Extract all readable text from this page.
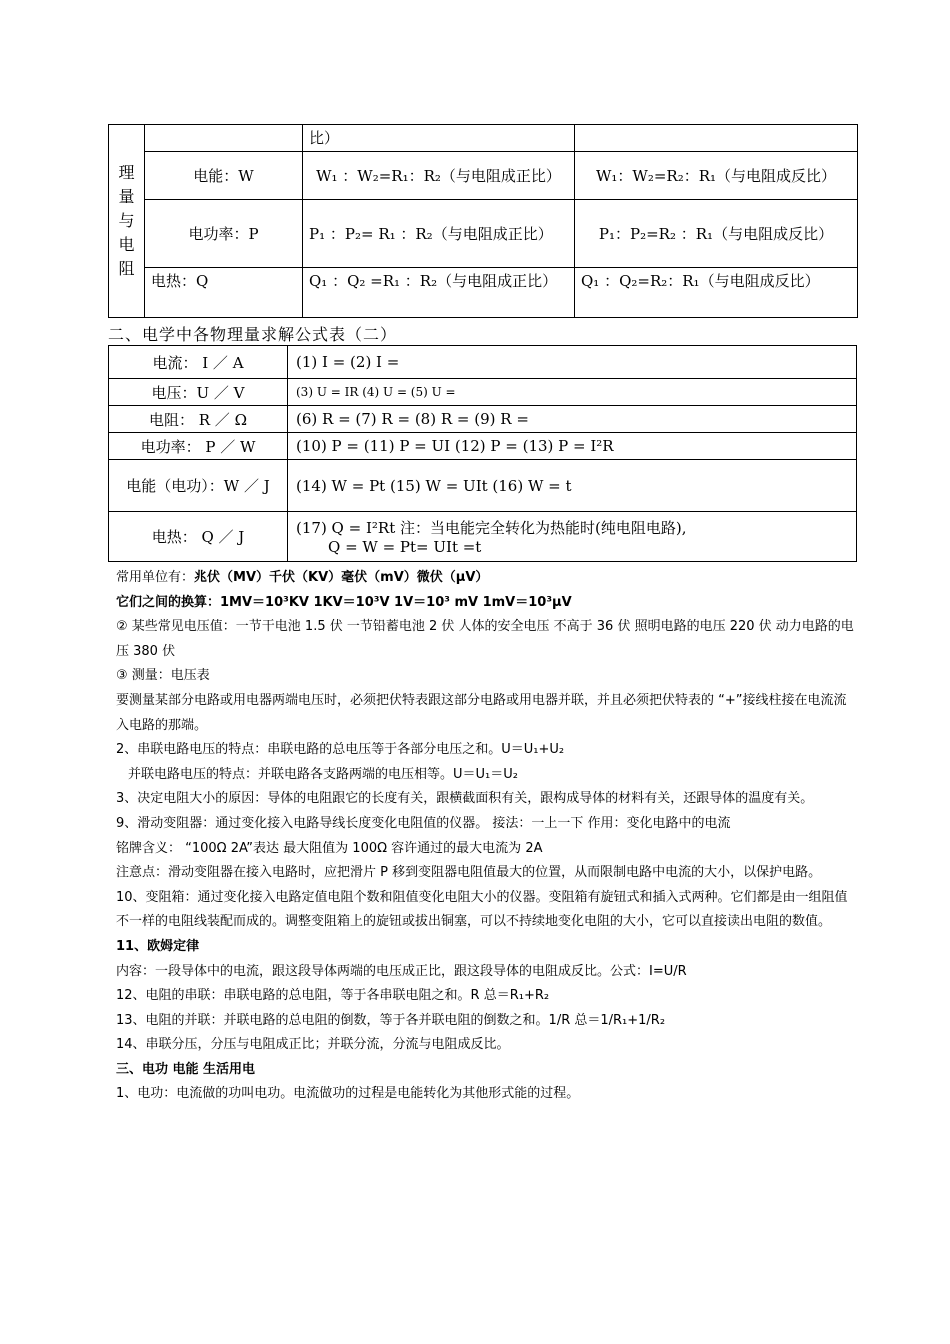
理
量
与
电
阻		比）	
	电能：W	W₁ ：W₂=R₁：R₂（与电阻成正比）	W₁：W₂=R₂：R₁（与电阻成反比）
	电功率：P	P₁ ：P₂= R₁ ：R₂（与电阻成正比）	P₁：P₂=R₂ ：R₁（与电阻成反比）
	电热：Q	Q₁ ：Q₂ =R₁ ：R₂（与电阻成正比）	Q₁ ：Q₂=R₂：R₁（与电阻成反比）
二、电学中各物理量求解公式表（二）
电流： I ／ A	(1) I = (2) I =
电压：U ／ V	(3) U = IR (4) U = (5) U =
电阻： R ／ Ω	(6) R = (7) R = (8) R = (9) R =
电功率： P ／ W	(10) P = (11) P = UI (12) P = (13) P = I²R
电能（电功）：W ／ J	(14) W = Pt (15) W = UIt (16) W = t
电热： Q ／ J	(17) Q = I²Rt 注：当电能完全转化为热能时(纯电阻电路),
Q = W = Pt= UIt =t

常用单位有：兆伏（MV）千伏（KV）毫伏（mV）微伏（μV）

它们之间的换算：1MV＝10³KV 1KV＝10³V 1V＝10³ mV 1mV＝10³μV

② 某些常见电压值：一节干电池 1.5 伏 一节铅蓄电池 2 伏 人体的安全电压 不高于 36 伏 照明电路的电压 220 伏 动力电路的电压 380 伏

③ 测量：电压表

要测量某部分电路或用电器两端电压时，必须把伏特表跟这部分电路或用电器并联，并且必须把伏特表的 “+”接线柱接在电流流入电路的那端。

2、串联电路电压的特点：串联电路的总电压等于各部分电压之和。U＝U₁+U₂

并联电路电压的特点：并联电路各支路两端的电压相等。U＝U₁＝U₂

3、决定电阻大小的原因：导体的电阻跟它的长度有关，跟横截面积有关，跟构成导体的材料有关，还跟导体的温度有关。

9、滑动变阻器：通过变化接入电路导线长度变化电阻值的仪器。 接法：一上一下 作用：变化电路中的电流

铭牌含义： “100Ω 2A”表达 最大阻值为 100Ω 容许通过的最大电流为 2A

注意点：滑动变阻器在接入电路时，应把滑片 P 移到变阻器电阻值最大的位置，从而限制电路中电流的大小，以保护电路。

10、变阻箱：通过变化接入电路定值电阻个数和阻值变化电阻大小的仪器。变阻箱有旋钮式和插入式两种。它们都是由一组阻值不一样的电阻线装配而成的。调整变阻箱上的旋钮或拔出铜塞，可以不持续地变化电阻的大小，它可以直接读出电阻的数值。

11、欧姆定律

内容：一段导体中的电流，跟这段导体两端的电压成正比，跟这段导体的电阻成反比。公式：I=U/R

12、电阻的串联：串联电路的总电阻，等于各串联电阻之和。R 总＝R₁+R₂

13、电阻的并联：并联电路的总电阻的倒数，等于各并联电阻的倒数之和。1/R 总＝1/R₁+1/R₂

14、串联分压，分压与电阻成正比；并联分流，分流与电阻成反比。

三、电功 电能 生活用电

1、电功：电流做的功叫电功。电流做功的过程是电能转化为其他形式能的过程。
